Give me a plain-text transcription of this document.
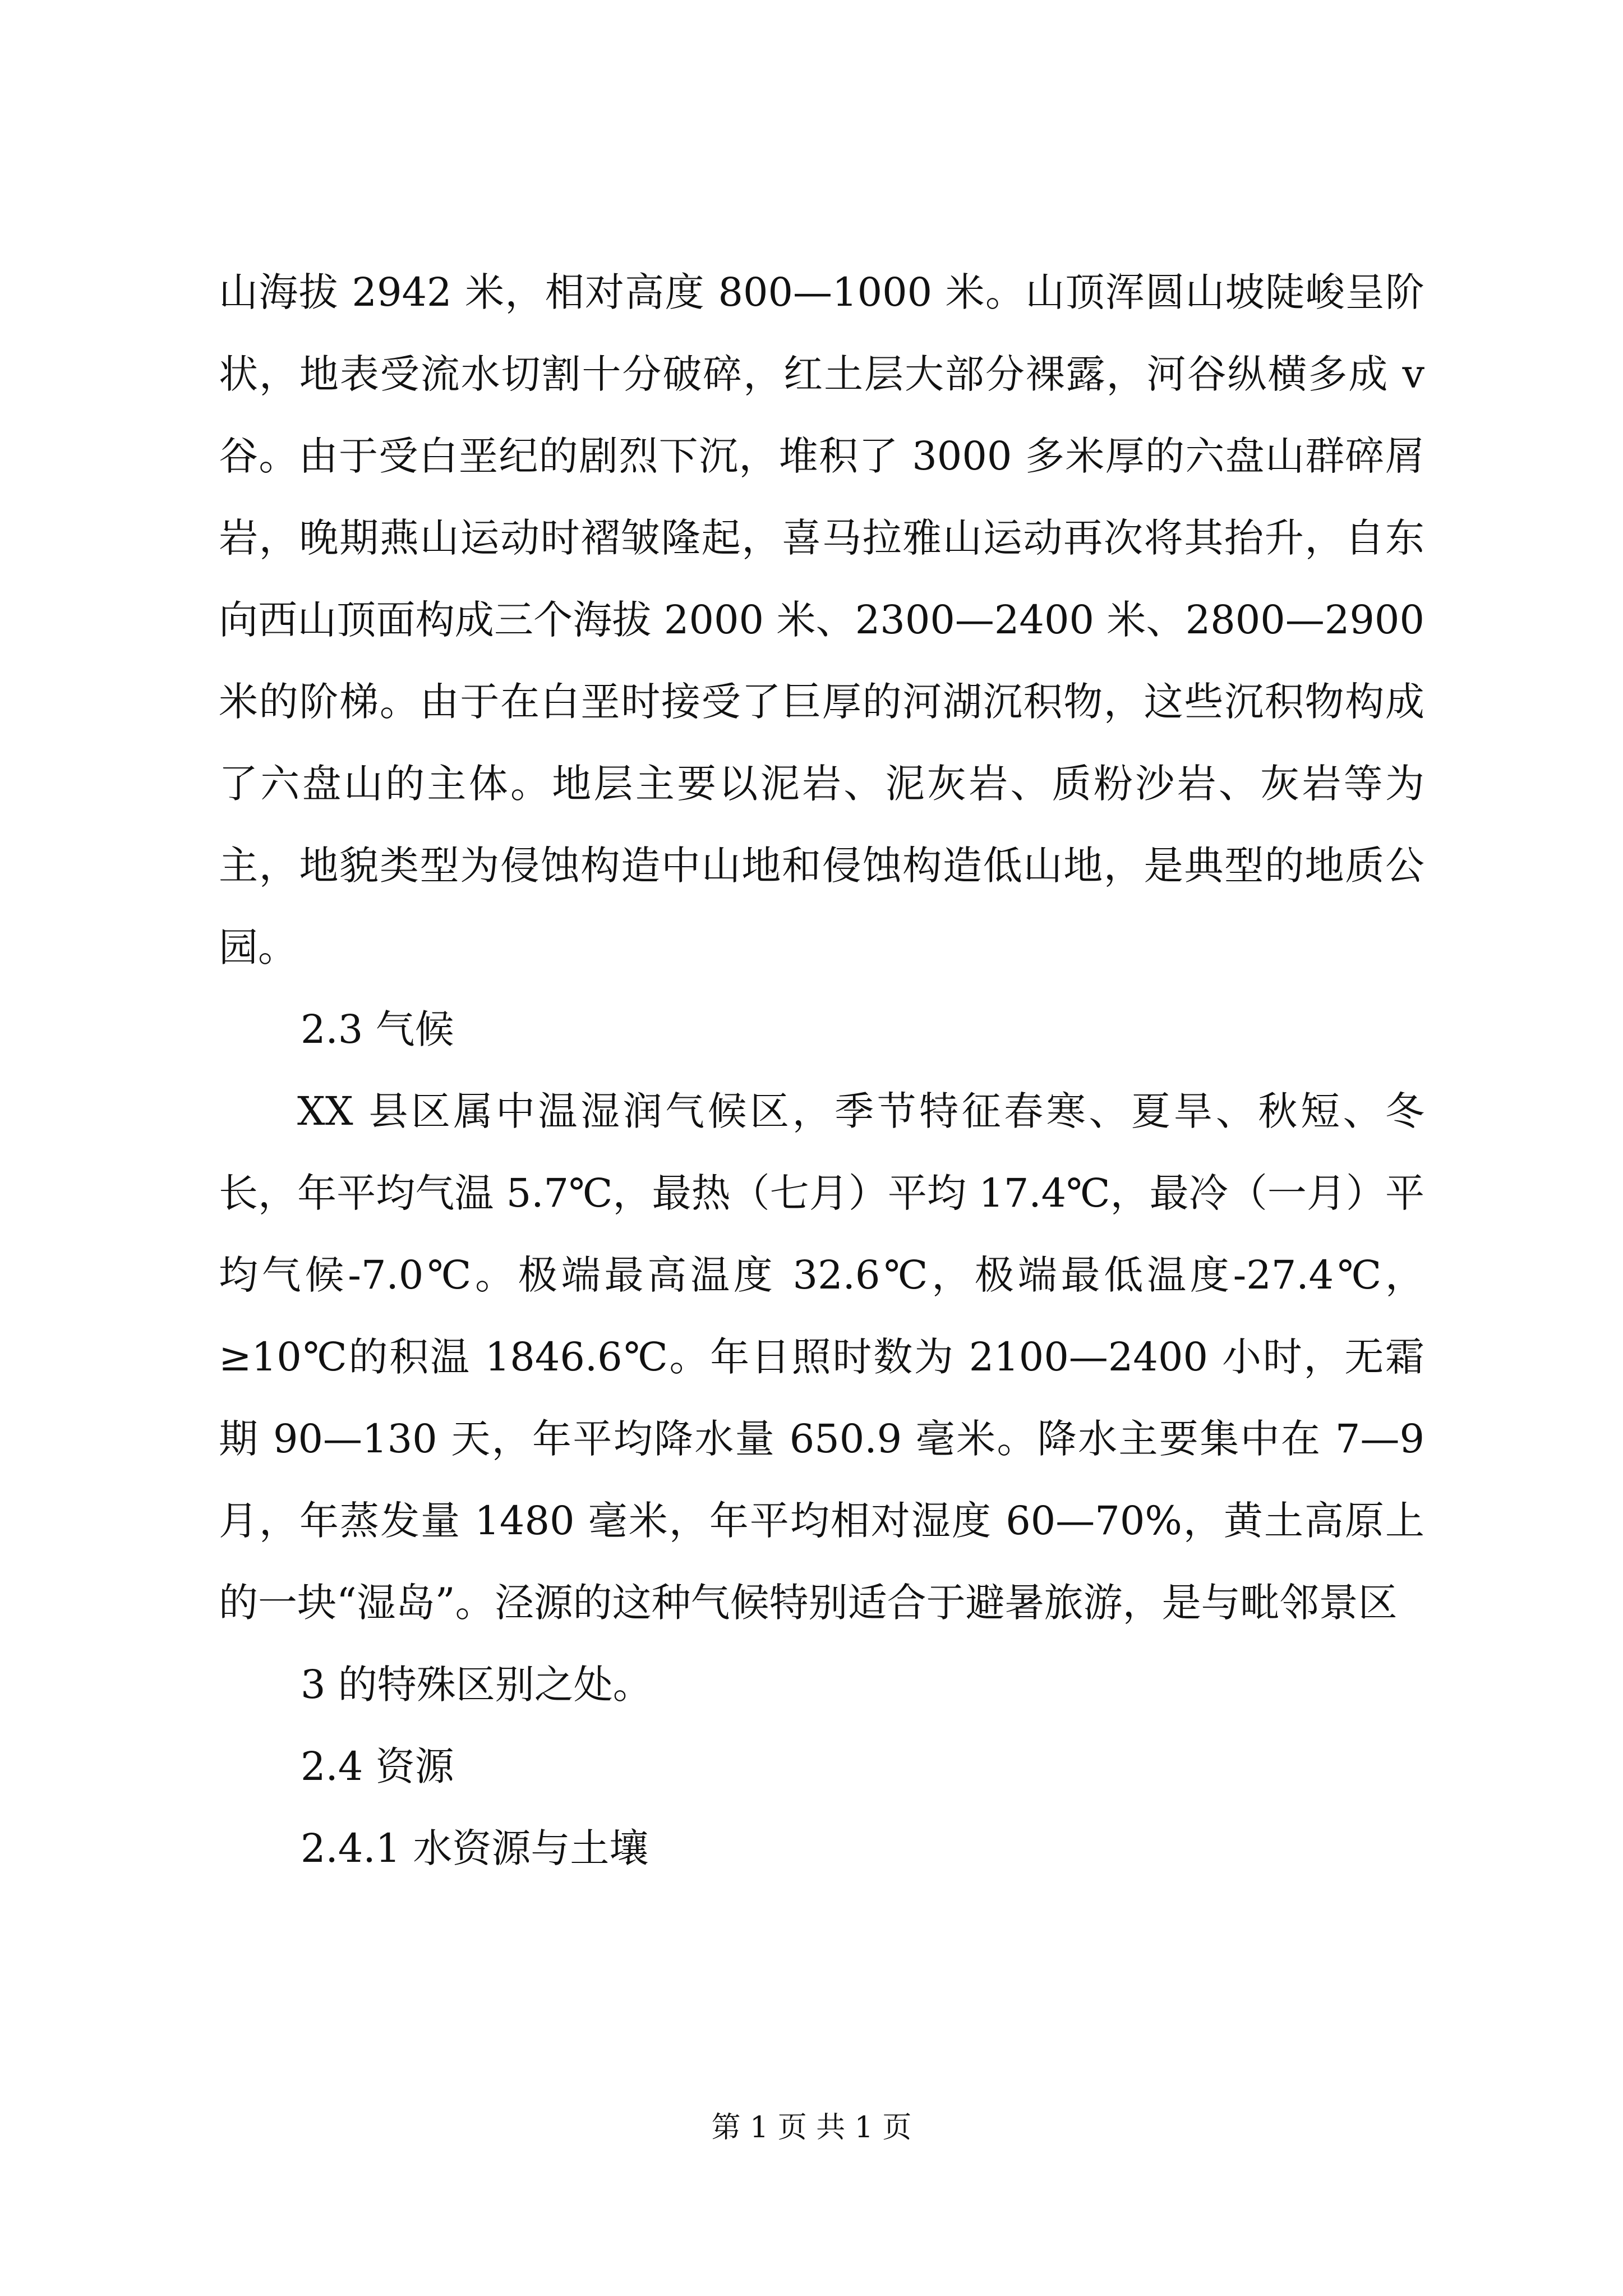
山海拔 2942 米，相对高度 800—1000 米。山顶浑圆山坡陡峻呈阶状，地表受流水切割十分破碎，红土层大部分裸露，河谷纵横多成 v 谷。由于受白垩纪的剧烈下沉，堆积了 3000 多米厚的六盘山群碎屑岩，晚期燕山运动时褶皱隆起，喜马拉雅山运动再次将其抬升，自东向西山顶面构成三个海拔 2000 米、2300—2400 米、2800—2900 米的阶梯。由于在白垩时接受了巨厚的河湖沉积物，这些沉积物构成了六盘山的主体。地层主要以泥岩、泥灰岩、质粉沙岩、灰岩等为主，地貌类型为侵蚀构造中山地和侵蚀构造低山地，是典型的地质公园。

2.3 气候

XX 县区属中温湿润气候区，季节特征春寒、夏旱、秋短、冬长，年平均气温 5.7℃，最热（七月）平均 17.4℃，最冷（一月）平均气候-7.0℃。极端最高温度 32.6℃，极端最低温度-27.4℃，≥10℃的积温 1846.6℃。年日照时数为 2100—2400 小时，无霜期 90—130 天，年平均降水量 650.9 毫米。降水主要集中在 7—9 月，年蒸发量 1480 毫米，年平均相对湿度 60—70%，黄土高原上的一块“湿岛”。泾源的这种气候特别适合于避暑旅游，是与毗邻景区

3 的特殊区别之处。

2.4 资源

2.4.1 水资源与土壤

第 1 页 共 1 页
